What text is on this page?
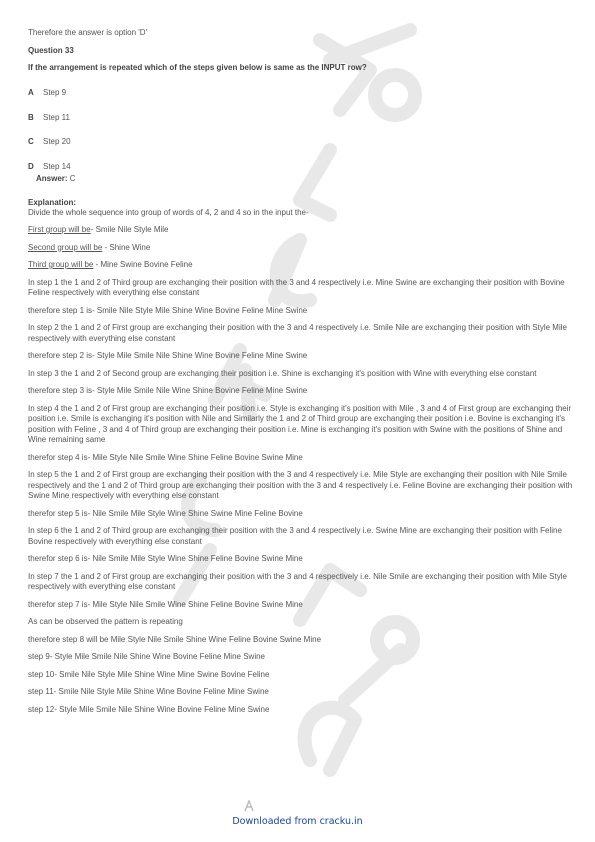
Therefore the answer is option 'D'
Question 33
If the arrangement is repeated which of the steps given below is same as the INPUT row?
A	Step 9
B	Step 11
C	Step 20
D	Step 14
Answer: C
Explanation:
Divide the whole sequence into group of words of 4, 2 and 4 so in the input the-
First group will be- Smile Nile Style Mile
Second group will be - Shine Wine
Third group will be - Mine Swine Bovine Feline
In step 1 the 1 and 2 of Third group are exchanging their position with the 3 and 4 respectively i.e. Mine Swine are exchanging their position with Bovine Feline respectively with everything else constant
therefore step 1 is- Smile Nile Style Mile Shine Wine Bovine Feline Mine Swine
In step 2 the 1 and 2 of First group are exchanging their position with the 3 and 4 respectively i.e. Smile Nile are exchanging their position with Style Mile respectively with everything else constant
therefore step 2 is- Style Mile Smile Nile Shine Wine Bovine Feline Mine Swine
In step 3 the 1 and 2 of Second group are exchanging their position i.e. Shine is exchanging it's position with Wine with everything else constant
therefore step 3 is- Style Mile Smile Nile Wine Shine Bovine Feline Mine Swine
In step 4 the 1 and 2 of First group are exchanging their position i.e. Style is exchanging it's position with Mile , 3 and 4 of First group are exchanging their position i.e. Smile is exchanging it's position with Nile and Similarly the 1 and 2 of Third group are exchanging their position i.e. Bovine is exchanging it's position with Feline , 3 and 4 of Third group are exchanging their position i.e. Mine is exchanging it's position with Swine with the positions of Shine and Wine remaining same
therefor step 4 is- Mile Style Nile Smile Wine Shine Feline Bovine Swine Mine
In step 5 the 1 and 2 of First group are exchanging their position with the 3 and 4 respectively i.e. Mile Style are exchanging their position with Nile Smile respectively and the 1 and 2 of Third group are exchanging their position with the 3 and 4 respectively i.e. Feline Bovine are exchanging their position with Swine Mine respectively with everything else constant
therefor step 5 is- Nile Smile Mile Style Wine Shine Swine Mine Feline Bovine
In step 6 the 1 and 2 of Third group are exchanging their position with the 3 and 4 respectively i.e. Swine Mine are exchanging their position with Feline Bovine respectively with everything else constant
therefor step 6 is- Nile Smile Mile Style Wine Shine Feline Bovine Swine Mine
In step 7 the 1 and 2 of First group are exchanging their position with the 3 and 4 respectively i.e. Nile Smile are exchanging their position with Mile Style respectively with everything else constant
therefor step 7 is- Mile Style Nile Smile Wine Shine Feline Bovine Swine Mine
As can be observed the pattern is repeating
therefore step 8 will be Mile Style Nile Smile Shine Wine Feline Bovine Swine Mine
step 9- Style Mile Smile Nile Shine Wine Bovine Feline Mine Swine
step 10- Smile Nile Style Mile Shine Wine Mine Swine Bovine Feline
step 11- Smile Nile Style Mile Shine Wine Bovine Feline Mine Swine
step 12- Style Mile Smile Nile Shine Wine Bovine Feline Mine Swine
Downloaded from cracku.in
